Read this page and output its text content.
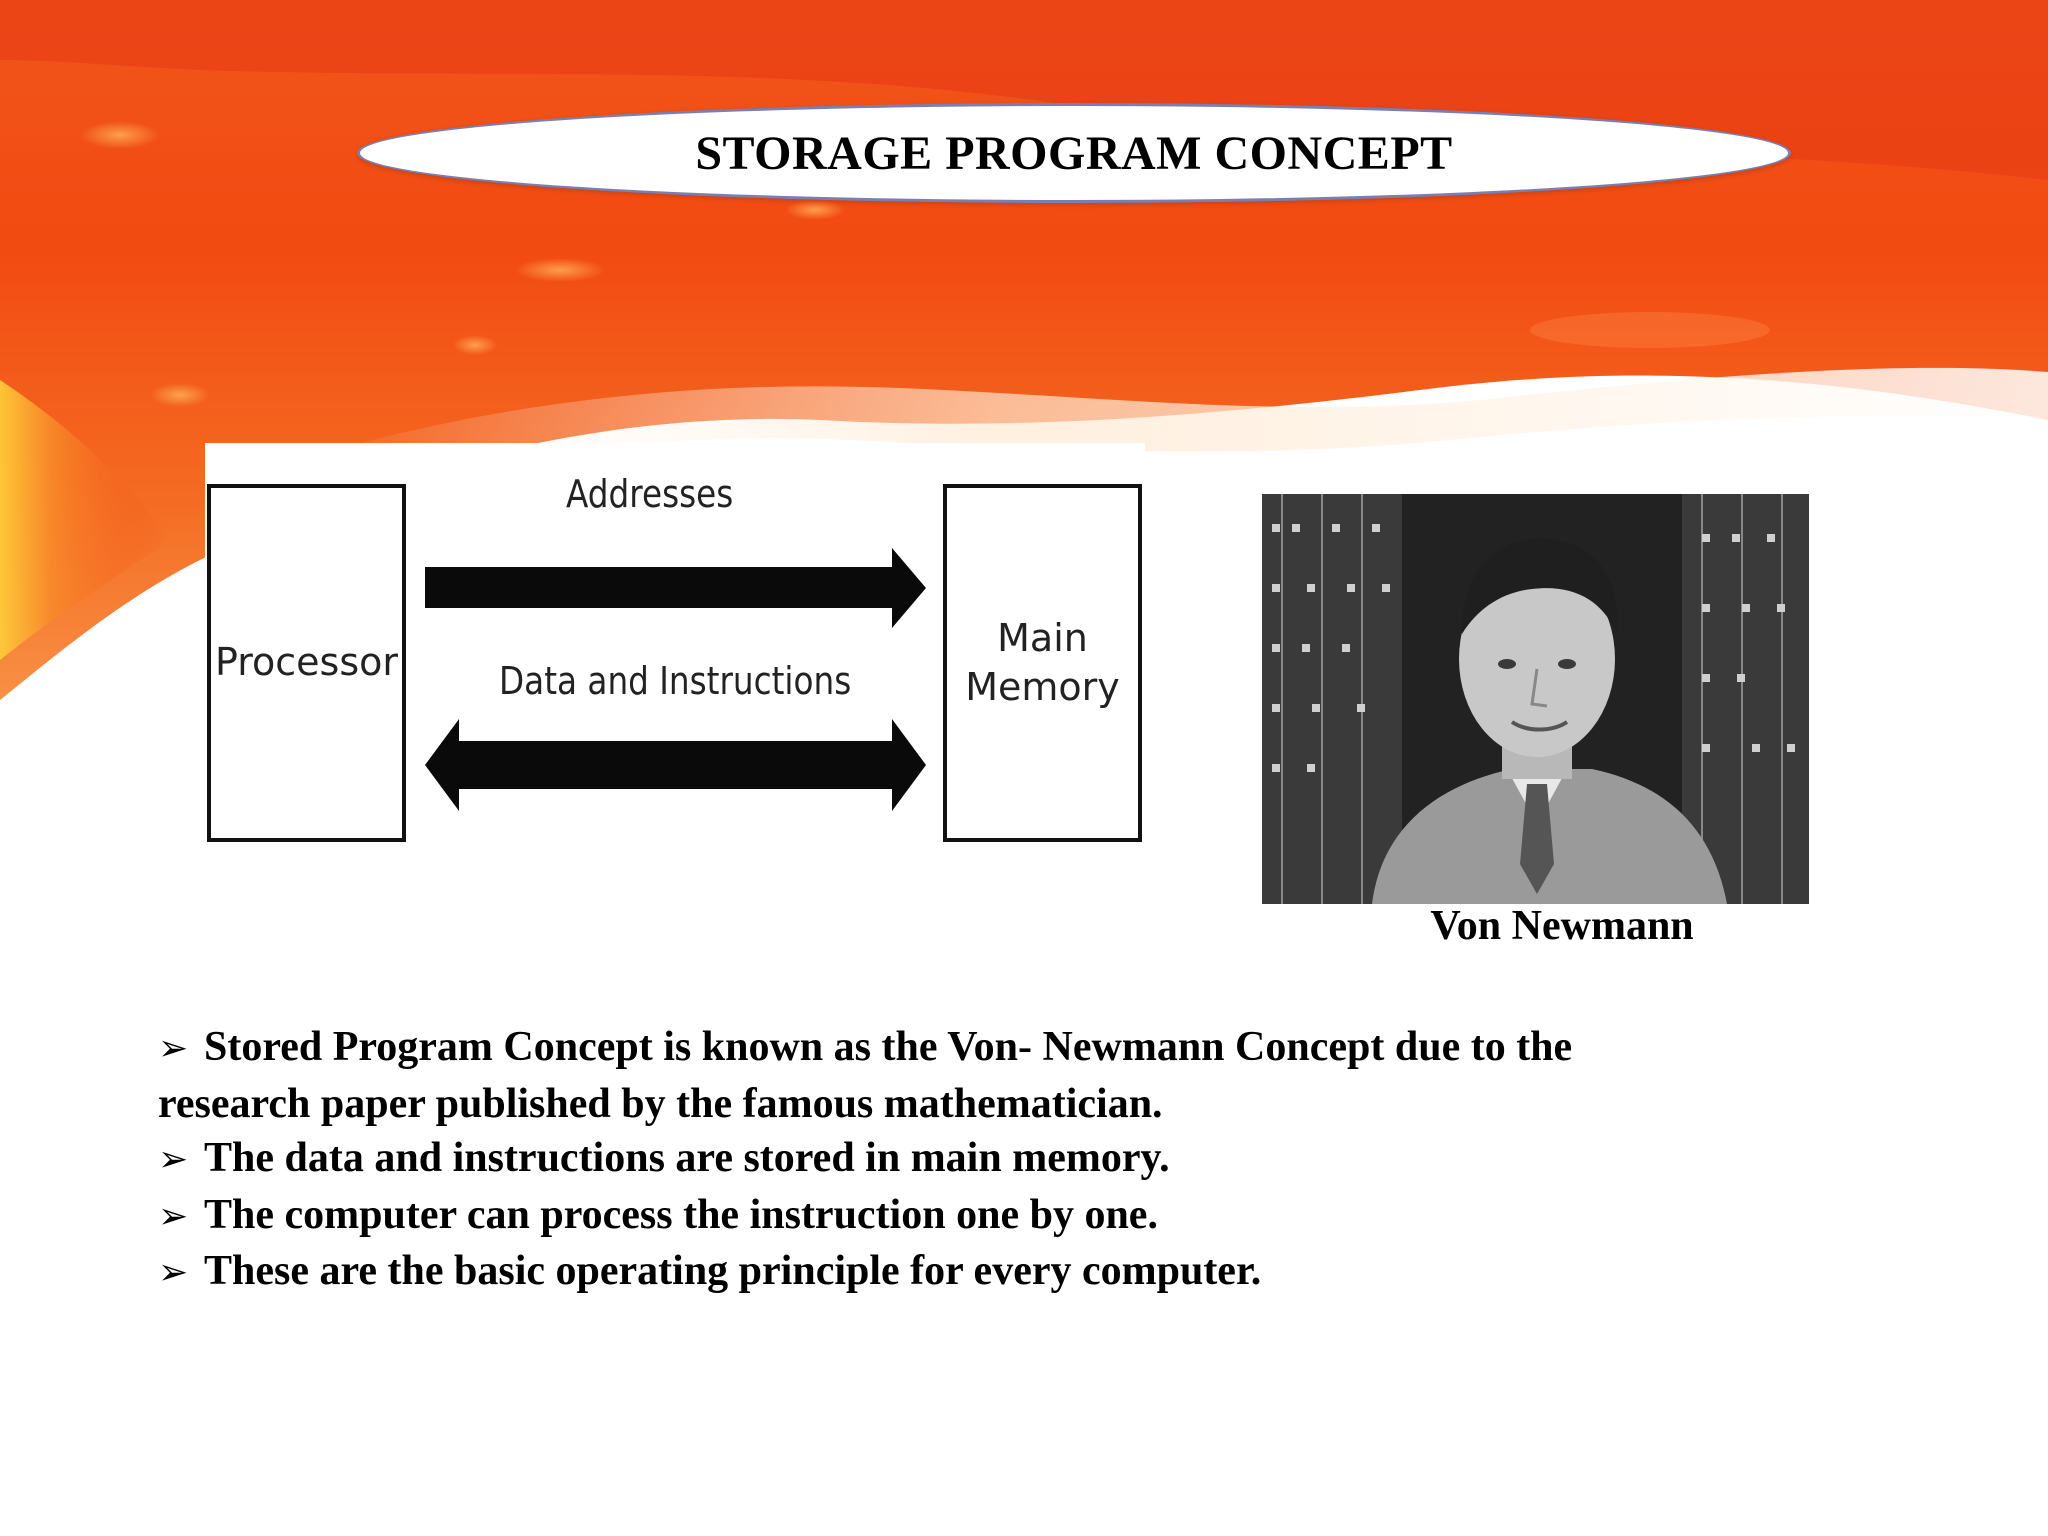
STORAGE PROGRAM CONCEPT
Processor
Main
Memory
Addresses
Data and Instructions
Von Newmann
➢ Stored Program Concept is known as the Von- Newmann Concept due to the
research paper published by the famous mathematician.
➢ The data and instructions are stored in main memory.
➢ The computer can process the instruction one by one.
➢ These are the basic operating principle for every computer.
